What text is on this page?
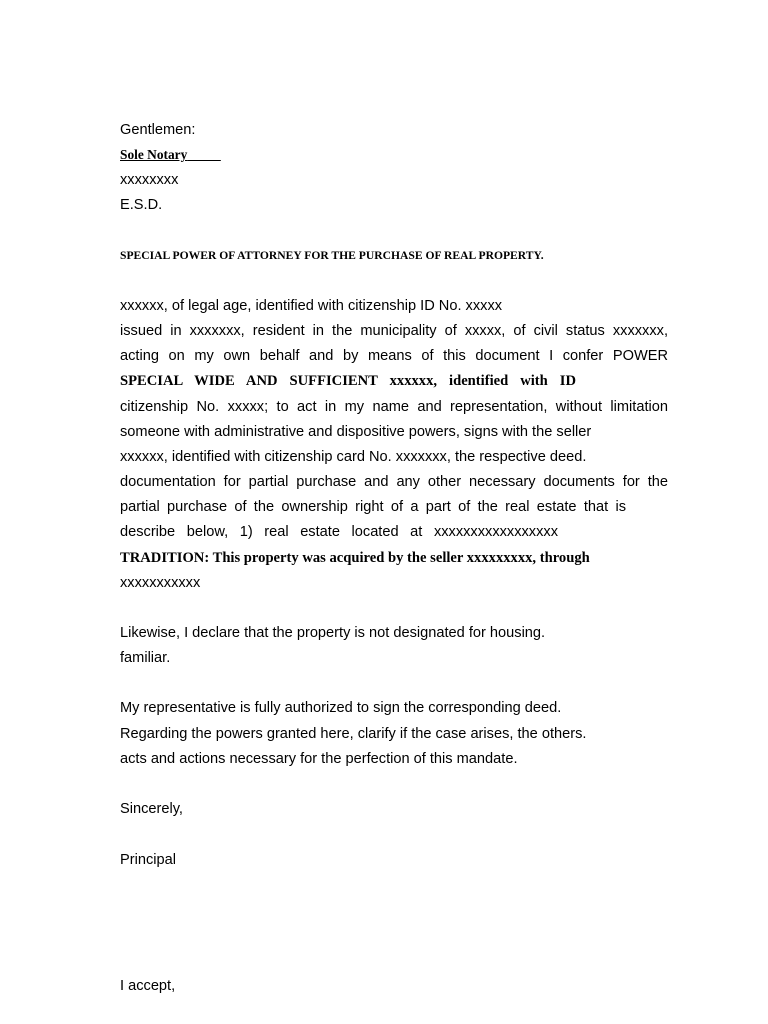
Gentlemen:
Sole Notary
xxxxxxxx
E.S.D.
SPECIAL POWER OF ATTORNEY FOR THE PURCHASE OF REAL PROPERTY.
xxxxxx, of legal age, identified with citizenship ID No. xxxxx
issued in xxxxxxx, resident in the municipality of xxxxx, of civil status xxxxxxx,
acting on my own behalf and by means of this document I confer POWER
SPECIAL WIDE AND SUFFICIENT xxxxxx, identified with ID
citizenship No. xxxxx; to act in my name and representation, without limitation
someone with administrative and dispositive powers, signs with the seller
xxxxxx, identified with citizenship card No. xxxxxxx, the respective deed.
documentation for partial purchase and any other necessary documents for the
partial purchase of the ownership right of a part of the real estate that is
describe below, 1) real estate located at xxxxxxxxxxxxxxxxx
TRADITION: This property was acquired by the seller xxxxxxxxx, through
xxxxxxxxxxx
Likewise, I declare that the property is not designated for housing.
familiar.
My representative is fully authorized to sign the corresponding deed.
Regarding the powers granted here, clarify if the case arises, the others.
acts and actions necessary for the perfection of this mandate.
Sincerely,
Principal
I accept,
